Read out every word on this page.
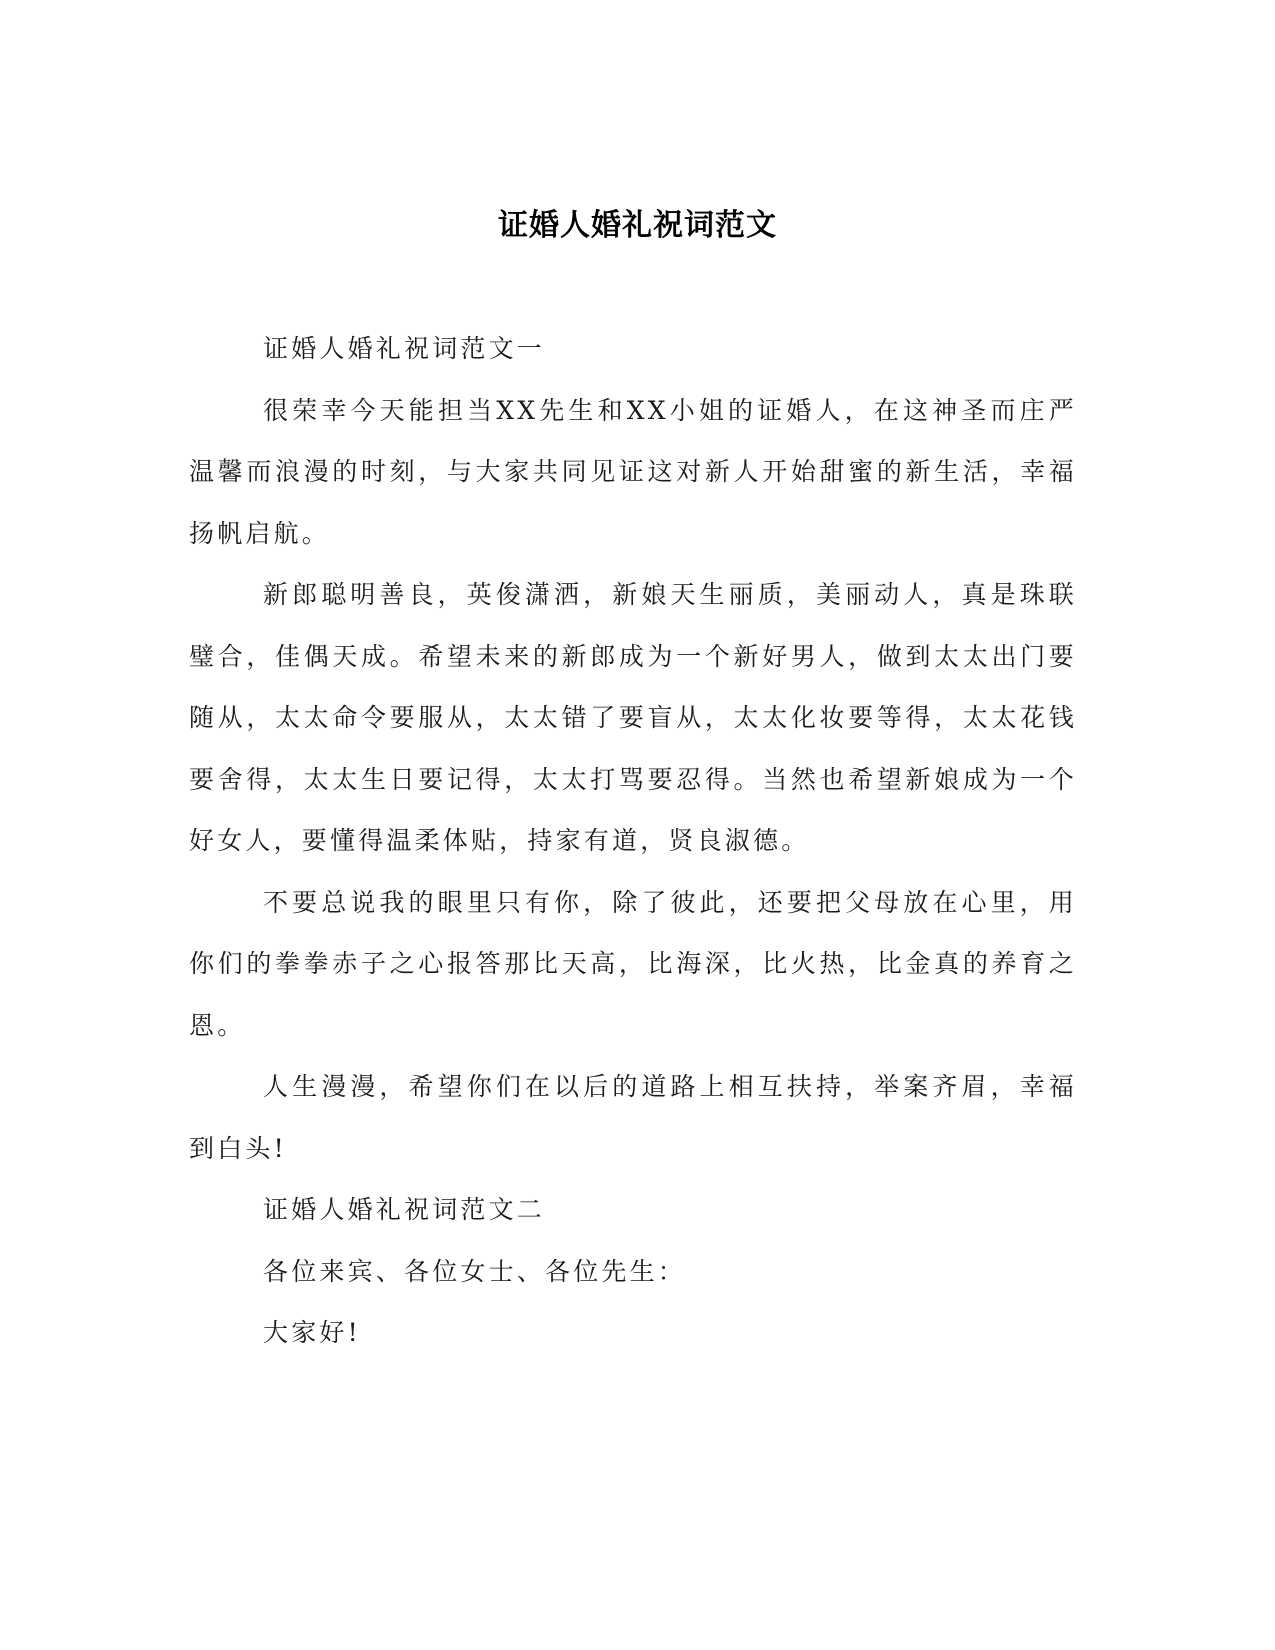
证婚人婚礼祝词范文

证婚人婚礼祝词范文一

很荣幸今天能担当XX先生和XX小姐的证婚人，在这神圣而庄严温馨而浪漫的时刻，与大家共同见证这对新人开始甜蜜的新生活，幸福扬帆启航。

新郎聪明善良，英俊潇洒，新娘天生丽质，美丽动人，真是珠联璧合，佳偶天成。希望未来的新郎成为一个新好男人，做到太太出门要随从，太太命令要服从，太太错了要盲从，太太化妆要等得，太太花钱要舍得，太太生日要记得，太太打骂要忍得。当然也希望新娘成为一个好女人，要懂得温柔体贴，持家有道，贤良淑德。

不要总说我的眼里只有你，除了彼此，还要把父母放在心里，用你们的拳拳赤子之心报答那比天高，比海深，比火热，比金真的养育之恩。

人生漫漫，希望你们在以后的道路上相互扶持，举案齐眉，幸福到白头!

证婚人婚礼祝词范文二

各位来宾、各位女士、各位先生：

大家好!
